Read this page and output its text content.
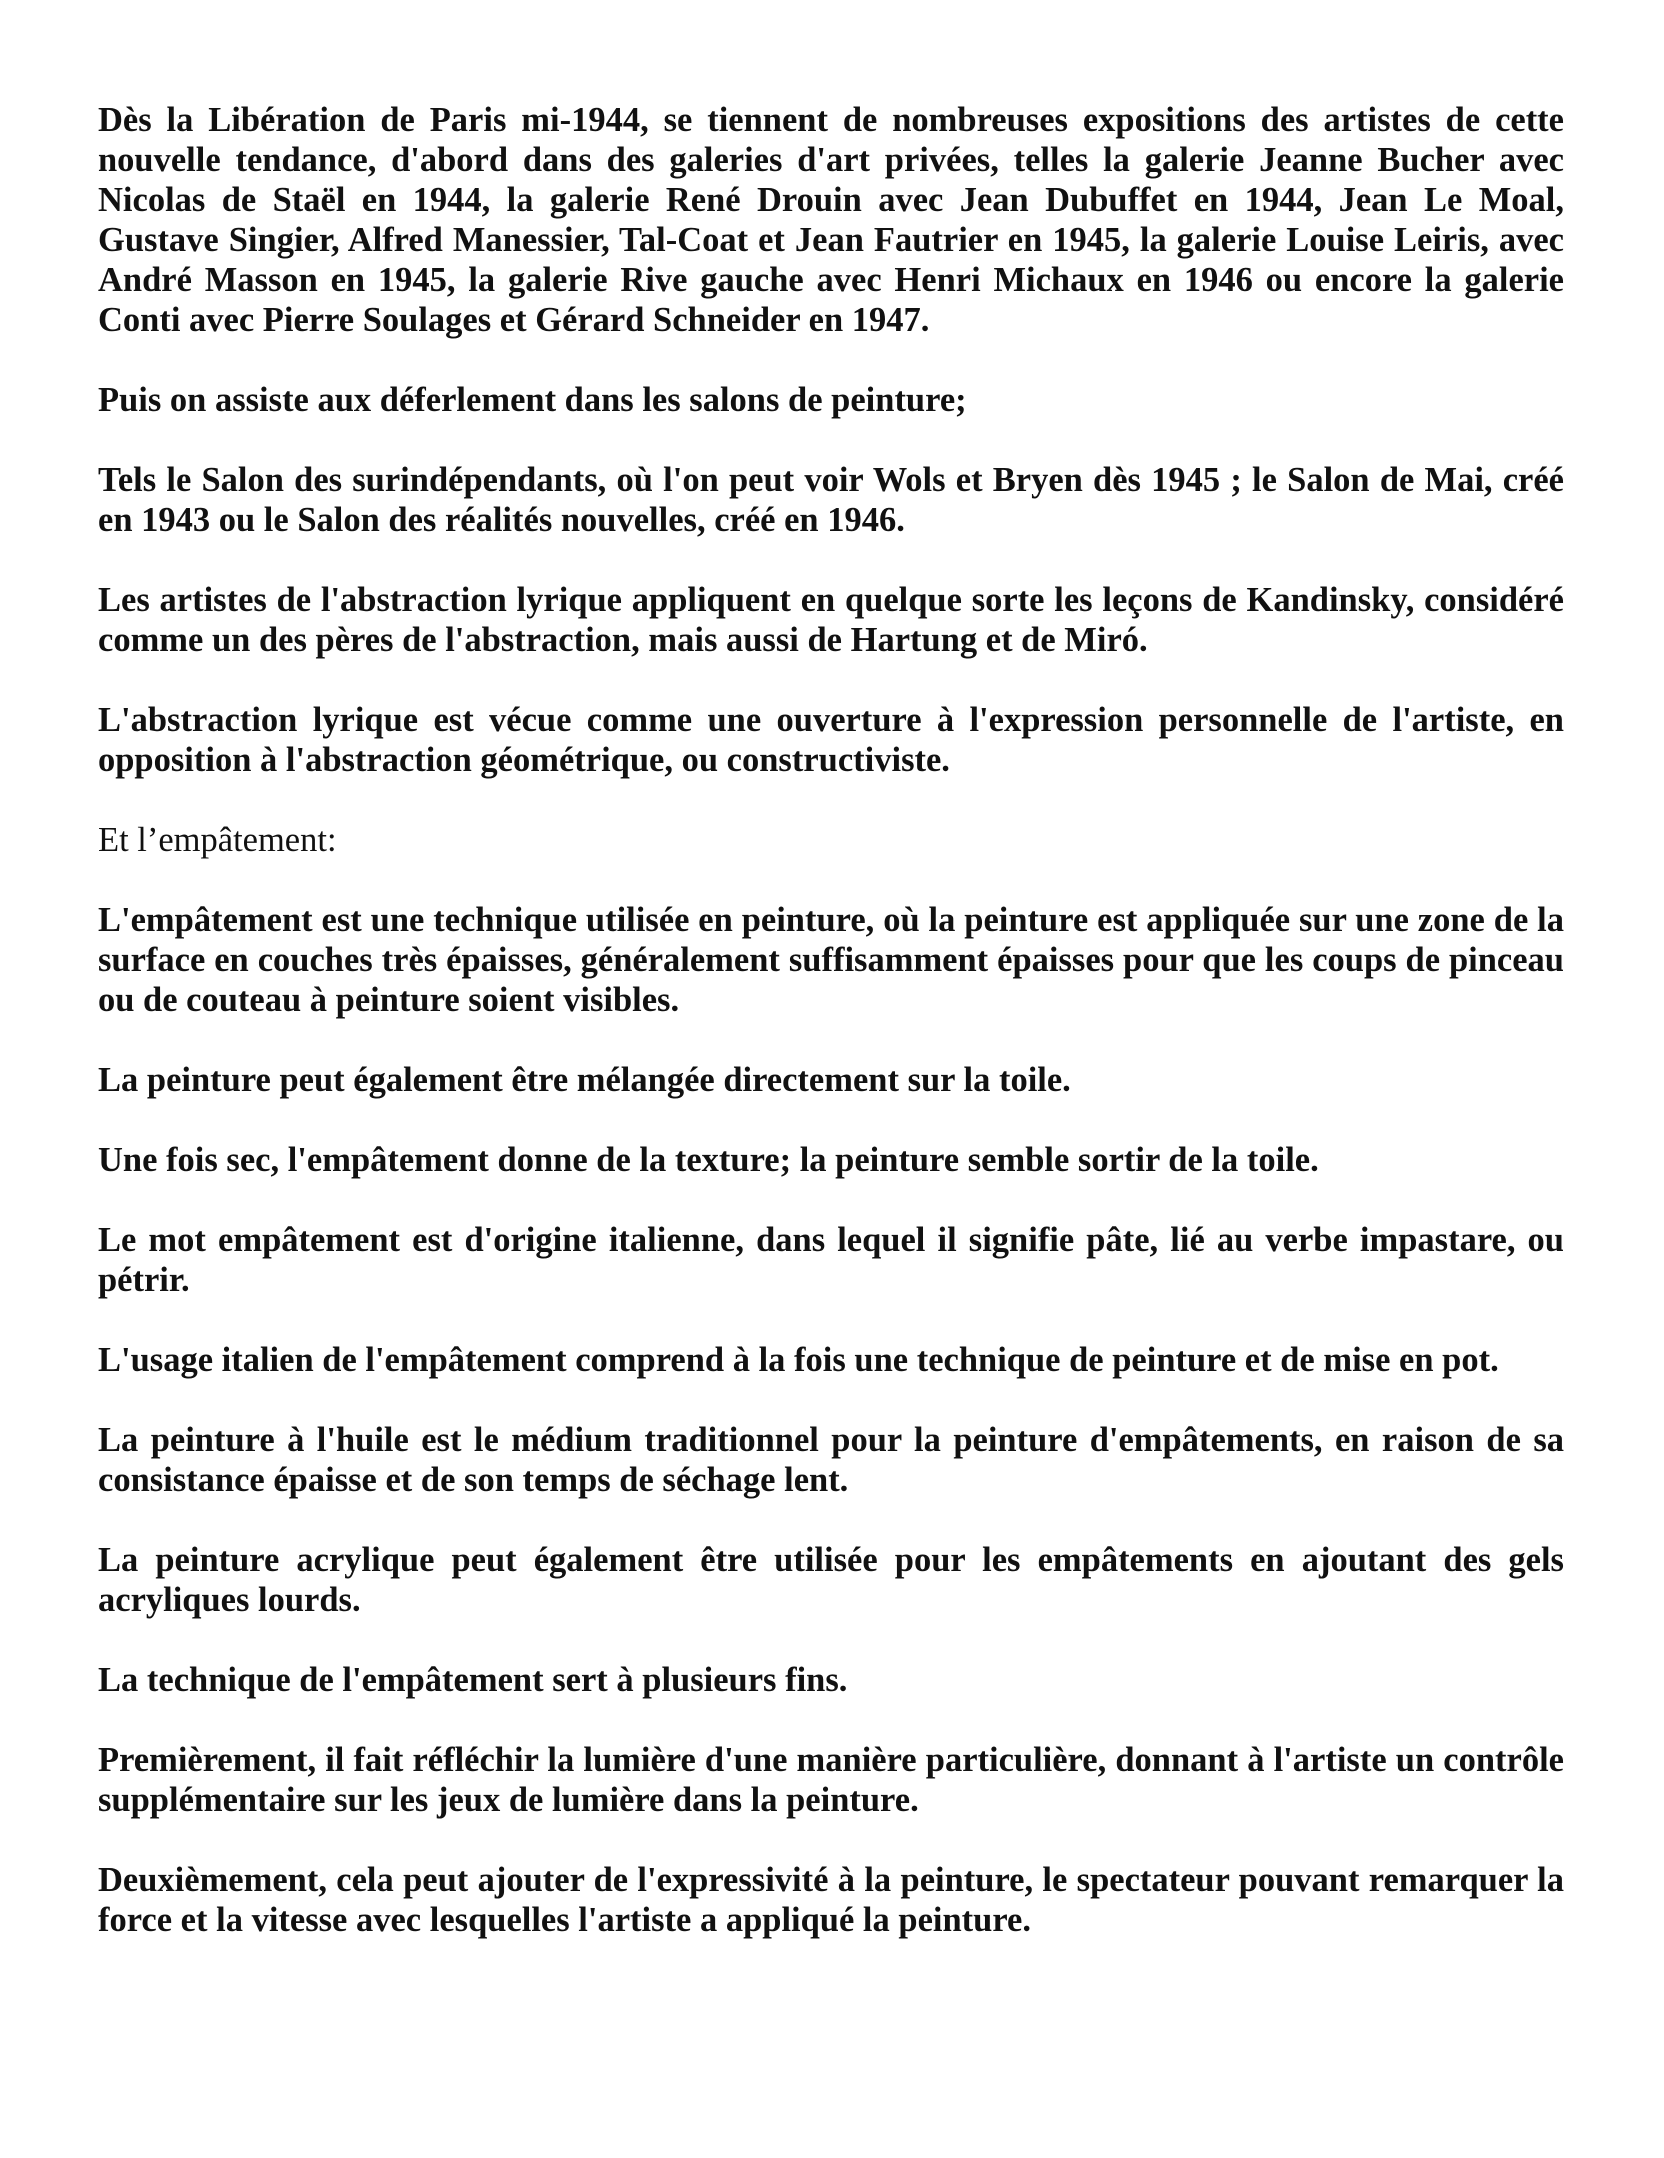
Dès la Libération de Paris mi-1944, se tiennent de nombreuses expositions des artistes de cette nouvelle tendance, d'abord dans des galeries d'art privées, telles la galerie Jeanne Bucher avec Nicolas de Staël en 1944, la galerie René Drouin avec Jean Dubuffet en 1944, Jean Le Moal, Gustave Singier, Alfred Manessier, Tal-Coat et Jean Fautrier en 1945, la galerie Louise Leiris, avec André Masson en 1945, la galerie Rive gauche avec Henri Michaux en 1946 ou encore la galerie Conti avec Pierre Soulages et Gérard Schneider en 1947.

Puis on assiste aux déferlement dans les salons de peinture;

Tels le Salon des surindépendants, où l'on peut voir Wols et Bryen dès 1945 ; le Salon de Mai, créé en 1943 ou le Salon des réalités nouvelles, créé en 1946.

Les artistes de l'abstraction lyrique appliquent en quelque sorte les leçons de Kandinsky, considéré comme un des pères de l'abstraction, mais aussi de Hartung et de Miró.

L'abstraction lyrique est vécue comme une ouverture à l'expression personnelle de l'artiste, en opposition à l'abstraction géométrique, ou constructiviste.

Et l’empâtement:

L'empâtement est une technique utilisée en peinture, où la peinture est appliquée sur une zone de la surface en couches très épaisses, généralement suffisamment épaisses pour que les coups de pinceau ou de couteau à peinture soient visibles.

La peinture peut également être mélangée directement sur la toile.

Une fois sec, l'empâtement donne de la texture; la peinture semble sortir de la toile.

Le mot empâtement est d'origine italienne, dans lequel il signifie pâte, lié au verbe impastare, ou pétrir.

L'usage italien de l'empâtement comprend à la fois une technique de peinture et de mise en pot.

La peinture à l'huile est le médium traditionnel pour la peinture d'empâtements, en raison de sa consistance épaisse et de son temps de séchage lent.

La peinture acrylique peut également être utilisée pour les empâtements en ajoutant des gels acryliques lourds.

La technique de l'empâtement sert à plusieurs fins.

Premièrement, il fait réfléchir la lumière d'une manière particulière, donnant à l'artiste un contrôle supplémentaire sur les jeux de lumière dans la peinture.

Deuxièmement, cela peut ajouter de l'expressivité à la peinture, le spectateur pouvant remarquer la force et la vitesse avec lesquelles l'artiste a appliqué la peinture.
